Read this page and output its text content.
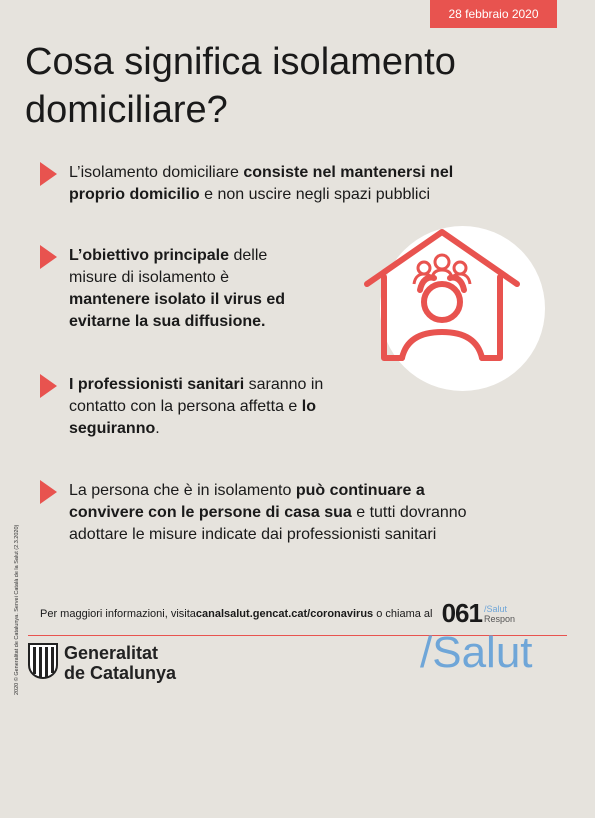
28 febbraio 2020
Cosa significa isolamento domiciliare?
L’isolamento domiciliare consiste nel mantenersi nel proprio domicilio e non uscire negli spazi pubblici
L’obiettivo principale delle misure di isolamento è mantenere isolato il virus ed evitarne la sua diffusione.
I professionisti sanitari saranno in contatto con la persona affetta e lo seguiranno.
La persona che è in isolamento può continuare a convivere con le persone di casa sua e tutti dovranno adottare le misure indicate dai professionisti sanitari
2020 © Generalitat de Catalunya. Servei Català de la Salut (2.3.2020) Per maggiori informazioni, visita canalsalut.gencat.cat/coronavirus o chiama al 061 /Salut
Respon
Generalitat
de Catalunya	/Salut
